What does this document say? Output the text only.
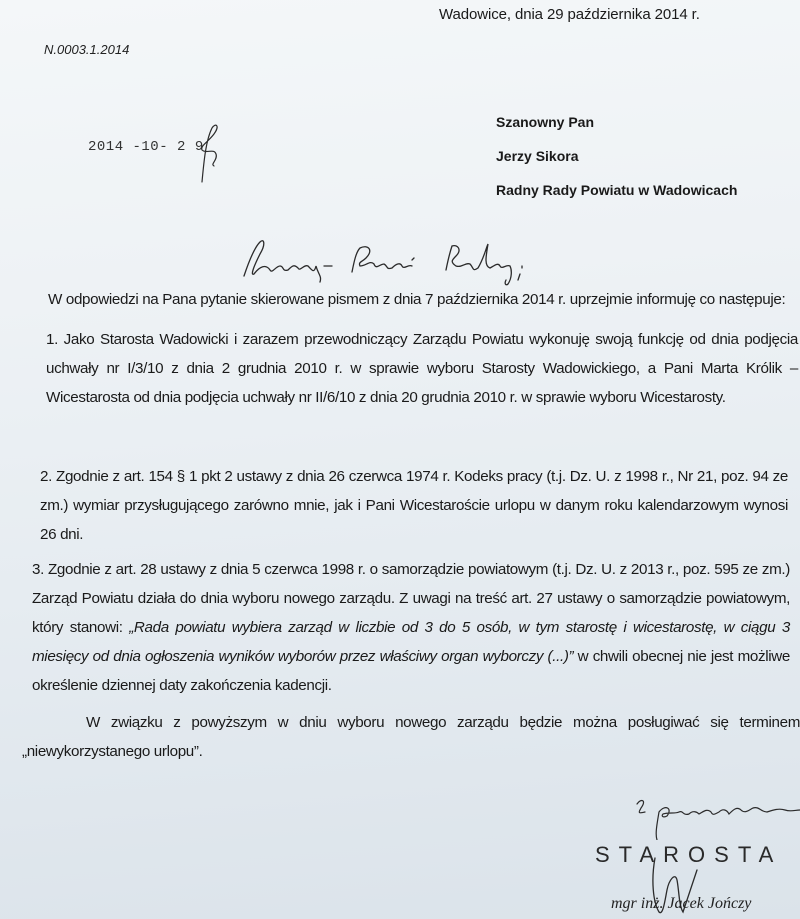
Wadowice, dnia 29 października 2014 r.
N.0003.1.2014
2014 -10- 2 9
Szanowny Pan
Jerzy Sikora
Radny Rady Powiatu w Wadowicach
W odpowiedzi na Pana pytanie skierowane pismem z dnia 7 października 2014 r. uprzejmie informuję co następuje:
1. Jako Starosta Wadowicki i zarazem przewodniczący Zarządu Powiatu wykonuję swoją funkcję od dnia podjęcia uchwały nr I/3/10 z dnia 2 grudnia 2010 r. w sprawie wyboru Starosty Wadowickiego, a Pani Marta Królik – Wicestarosta od dnia podjęcia uchwały nr II/6/10 z dnia 20 grudnia 2010 r. w sprawie wyboru Wicestarosty.
2. Zgodnie z art. 154 § 1 pkt 2 ustawy z dnia 26 czerwca 1974 r. Kodeks pracy (t.j. Dz. U. z 1998 r., Nr 21, poz. 94 ze zm.) wymiar przysługującego zarówno mnie, jak i Pani Wicestaroście urlopu w danym roku kalendarzowym wynosi 26 dni.
3. Zgodnie z art. 28 ustawy z dnia 5 czerwca 1998 r. o samorządzie powiatowym (t.j. Dz. U. z 2013 r., poz. 595 ze zm.) Zarząd Powiatu działa do dnia wyboru nowego zarządu. Z uwagi na treść art. 27 ustawy o samorządzie powiatowym, który stanowi: „Rada powiatu wybiera zarząd w liczbie od 3 do 5 osób, w tym starostę i wicestarostę, w ciągu 3 miesięcy od dnia ogłoszenia wyników wyborów przez właściwy organ wyborczy (...)” w chwili obecnej nie jest możliwe określenie dziennej daty zakończenia kadencji.
W związku z powyższym w dniu wyboru nowego zarządu będzie można posługiwać się terminem „niewykorzystanego urlopu”.
STAROSTA
mgr inż. Jacek Jończy
